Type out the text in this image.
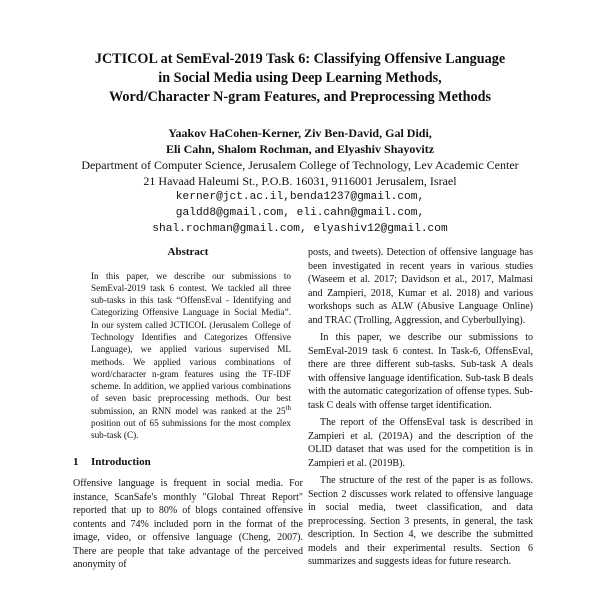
JCTICOL at SemEval-2019 Task 6: Classifying Offensive Language
in Social Media using Deep Learning Methods,
Word/Character N-gram Features, and Preprocessing Methods
Yaakov HaCohen-Kerner, Ziv Ben-David, Gal Didi,
Eli Cahn, Shalom Rochman, and Elyashiv Shayovitz
Department of Computer Science, Jerusalem College of Technology, Lev Academic Center
21 Havaad Haleumi St., P.O.B. 16031, 9116001 Jerusalem, Israel
kerner@jct.ac.il,benda1237@gmail.com,
galdd8@gmail.com, eli.cahn@gmail.com,
shal.rochman@gmail.com, elyashiv12@gmail.com
Abstract

In this paper, we describe our submissions to SemEval-2019 task 6 contest. We tackled all three sub-tasks in this task “OffensEval - Identifying and Categorizing Offensive Language in Social Media”. In our system called JCTICOL (Jerusalem College of Technology Identifies and Categorizes Offensive Language), we applied various supervised ML methods. We applied various combinations of word/character n-gram features using the TF-IDF scheme. In addition, we applied various combinations of seven basic preprocessing methods. Our best submission, an RNN model was ranked at the 25th position out of 65 submissions for the most complex sub-task (C).

1 Introduction

Offensive language is frequent in social media. For instance, ScanSafe's monthly "Global Threat Report" reported that up to 80% of blogs contained offensive contents and 74% included porn in the format of the image, video, or offensive language (Cheng, 2007). There are people that take advantage of the perceived anonymity of

posts, and tweets). Detection of offensive language has been investigated in recent years in various studies (Waseem et al. 2017; Davidson et al., 2017, Malmasi and Zampieri, 2018, Kumar et al. 2018) and various workshops such as ALW (Abusive Language Online) and TRAC (Trolling, Aggression, and Cyberbullying).

In this paper, we describe our submissions to SemEval-2019 task 6 contest. In Task-6, OffensEval, there are three different sub-tasks. Sub-task A deals with offensive language identification. Sub-task B deals with the automatic categorization of offense types. Sub-task C deals with offense target identification.

The report of the OffensEval task is described in Zampieri et al. (2019A) and the description of the OLID dataset that was used for the competition is in Zampieri et al. (2019B).

The structure of the rest of the paper is as follows. Section 2 discusses work related to offensive language in social media, tweet classification, and data preprocessing. Section 3 presents, in general, the task description. In Section 4, we describe the submitted models and their experimental results. Section 6 summarizes and suggests ideas for future research.
